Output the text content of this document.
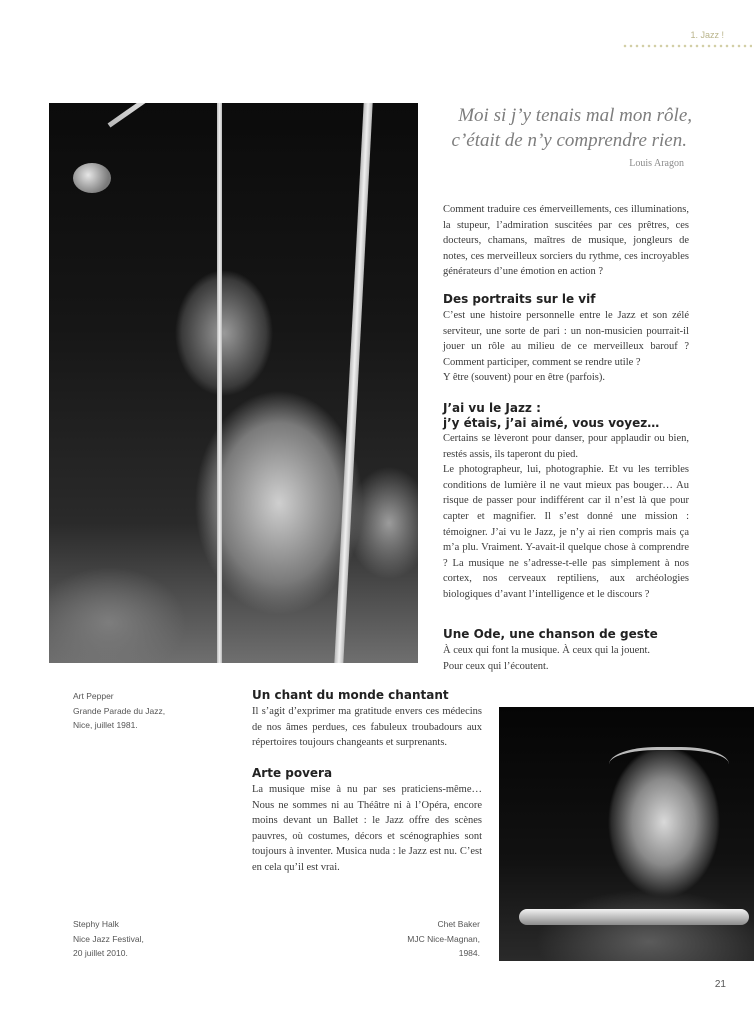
1. Jazz !
Moi si j’y tenais mal mon rôle,
c’était de n’y comprendre rien.
Louis Aragon
Comment traduire ces émerveillements, ces illuminations, la stupeur, l’admiration suscitées par ces prêtres, ces docteurs, chamans, maîtres de musique, jongleurs de notes, ces merveilleux sorciers du rythme, ces incroyables générateurs d’une émotion en action ?
Des portraits sur le vif

C’est une histoire personnelle entre le Jazz et son zélé serviteur, une sorte de pari : un non-musicien pourrait-il jouer un rôle au milieu de ce merveilleux barouf ? Comment participer, comment se rendre utile ?

Y être (souvent) pour en être (parfois).

J’ai vu le Jazz :
j’y étais, j’ai aimé, vous voyez…

Certains se lèveront pour danser, pour applaudir ou bien, restés assis, ils taperont du pied.

Le photographeur, lui, photographie. Et vu les terribles conditions de lumière il ne vaut mieux pas bouger… Au risque de passer pour indifférent car il n’est là que pour capter et magnifier. Il s’est donné une mission : témoigner. J’ai vu le Jazz, je n’y ai rien compris mais ça m’a plu. Vraiment. Y-avait-il quelque chose à comprendre ? La musique ne s’adresse-t-elle pas simplement à nos cortex, nos cerveaux reptiliens, aux archéologies biologiques d’avant l’intelligence et le discours ?

Une Ode, une chanson de geste

À ceux qui font la musique. À ceux qui la jouent.

Pour ceux qui l’écoutent.

Un chant du monde chantant
Il s’agit d’exprimer ma gratitude envers ces médecins de nos âmes perdues, ces fabuleux troubadours aux répertoires toujours changeants et surprenants.
Arte povera
La musique mise à nu par ses praticiens-même… Nous ne sommes ni au Théâtre ni à l’Opéra, encore moins devant un Ballet : le Jazz offre des scènes pauvres, où costumes, décors et scénographies sont toujours à inventer. Musica nuda : le Jazz est nu. C’est en cela qu’il est vrai.
Art Pepper
Grande Parade du Jazz,
Nice, juillet 1981.
Stephy Halk
Nice Jazz Festival,
20 juillet 2010.
Chet Baker
MJC Nice-Magnan,
1984.
21
